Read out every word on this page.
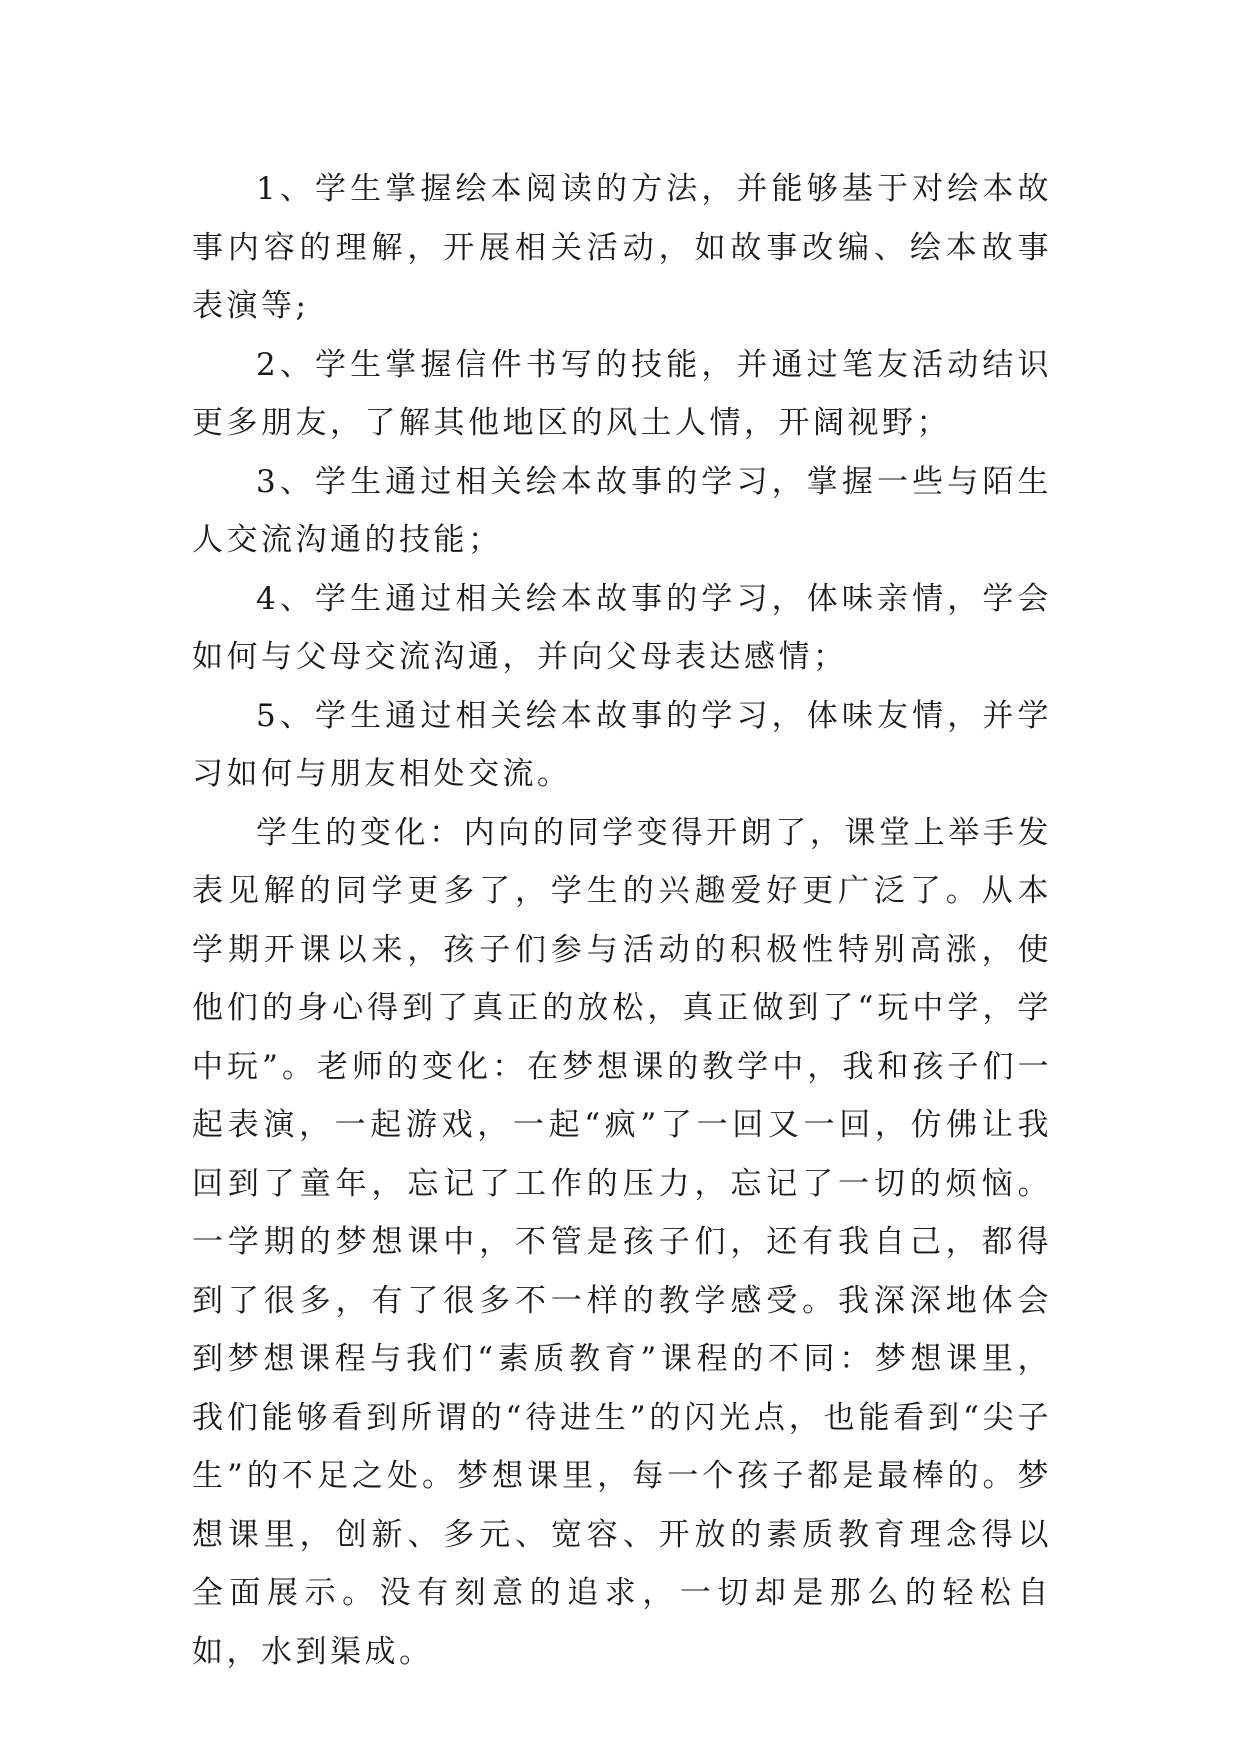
1、学生掌握绘本阅读的方法，并能够基于对绘本故事内容的理解，开展相关活动，如故事改编、绘本故事表演等;

2、学生掌握信件书写的技能，并通过笔友活动结识更多朋友，了解其他地区的风土人情，开阔视野；

3、学生通过相关绘本故事的学习，掌握一些与陌生人交流沟通的技能；

4、学生通过相关绘本故事的学习，体味亲情，学会如何与父母交流沟通，并向父母表达感情；

5、学生通过相关绘本故事的学习，体味友情，并学习如何与朋友相处交流。

学生的变化：内向的同学变得开朗了，课堂上举手发表见解的同学更多了，学生的兴趣爱好更广泛了。从本学期开课以来，孩子们参与活动的积极性特别高涨，使他们的身心得到了真正的放松，真正做到了“玩中学，学中玩”。老师的变化：在梦想课的教学中，我和孩子们一起表演，一起游戏，一起“疯”了一回又一回，仿佛让我回到了童年，忘记了工作的压力，忘记了一切的烦恼。一学期的梦想课中，不管是孩子们，还有我自己，都得到了很多，有了很多不一样的教学感受。我深深地体会到梦想课程与我们“素质教育”课程的不同：梦想课里，我们能够看到所谓的“待进生”的闪光点，也能看到“尖子生”的不足之处。梦想课里，每一个孩子都是最棒的。梦想课里，创新、多元、宽容、开放的素质教育理念得以全面展示。没有刻意的追求，一切却是那么的轻松自如，水到渠成。
